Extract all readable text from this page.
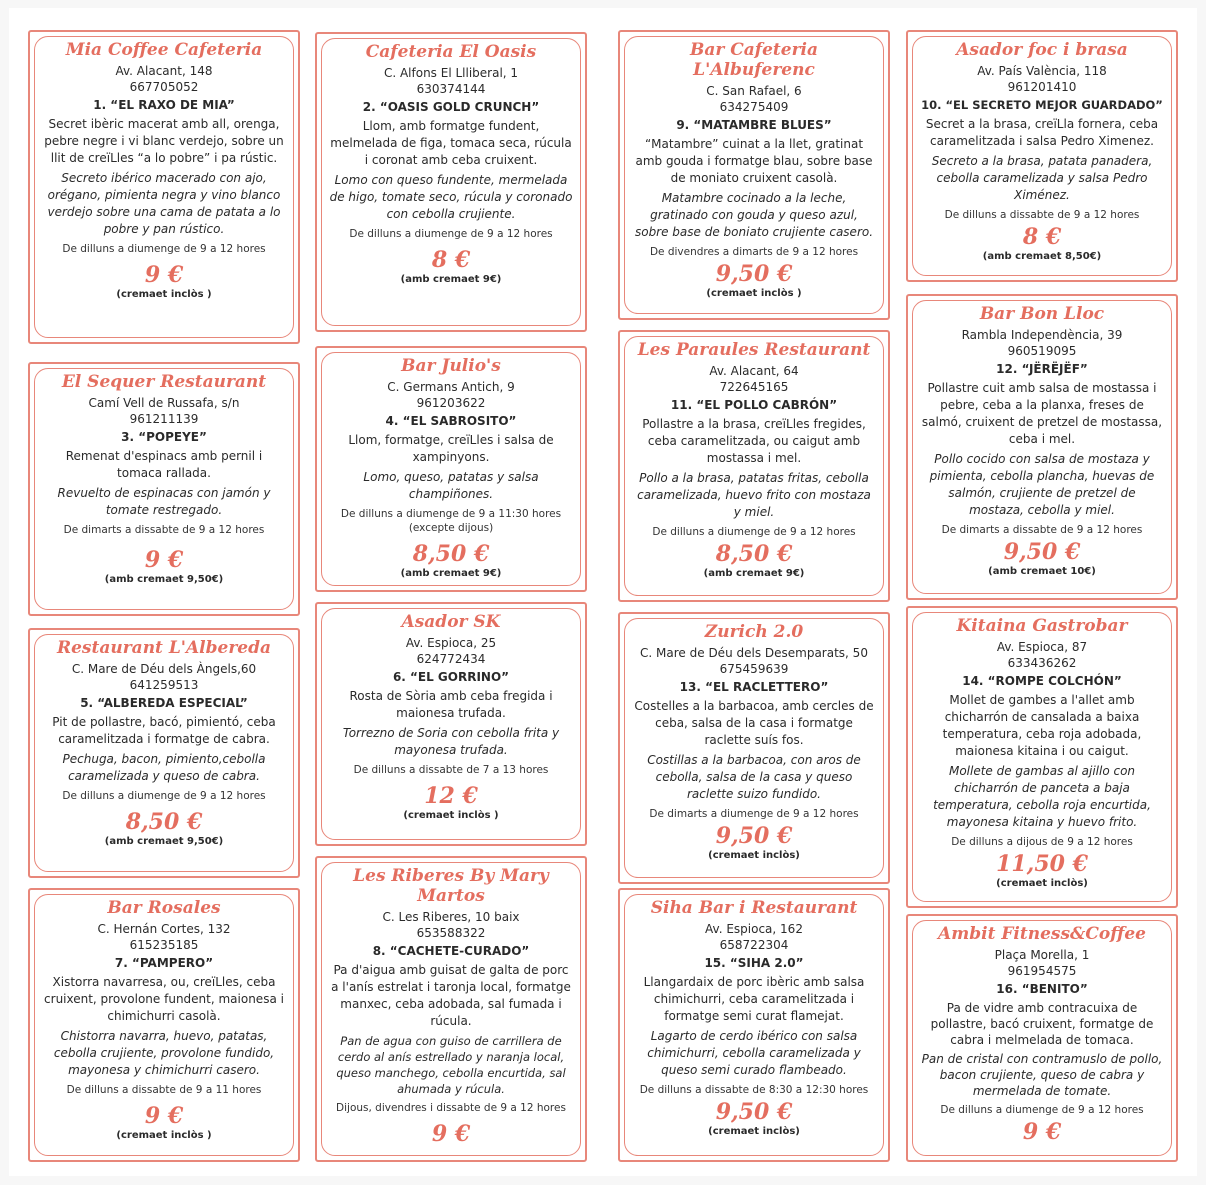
Mia Coffee Cafeteria
Av. Alacant, 148
667705052
1. “EL RAXO DE MIA”
Secret ibèric macerat amb all, orenga, pebre negre i vi blanc verdejo, sobre un llit de creïLles “a lo pobre” i pa rústic.
Secreto ibérico macerado con ajo, orégano, pimienta negra y vino blanco verdejo sobre una cama de patata a lo pobre y pan rústico.
De dilluns a diumenge de 9 a 12 hores
9 €
(cremaet inclòs )
El Sequer Restaurant
Camí Vell de Russafa, s/n
961211139
3. “POPEYE”
Remenat d'espinacs amb pernil i tomaca rallada.
Revuelto de espinacas con jamón y tomate restregado.
De dimarts a dissabte de 9 a 12 hores
9 €
(amb cremaet 9,50€)
Restaurant L'Albereda
C. Mare de Déu dels Àngels,60
641259513
5. “ALBEREDA ESPECIAL”
Pit de pollastre, bacó, pimientó, ceba caramelitzada i formatge de cabra.
Pechuga, bacon, pimiento,cebolla caramelizada y queso de cabra.
De dilluns a diumenge de 9 a 12 hores
8,50 €
(amb cremaet 9,50€)
Bar Rosales
C. Hernán Cortes, 132
615235185
7. “PAMPERO”
Xistorra navarresa, ou, creïLles, ceba cruixent, provolone fundent, maionesa i chimichurri casolà.
Chistorra navarra, huevo, patatas, cebolla crujiente, provolone fundido, mayonesa y chimichurri casero.
De dilluns a dissabte de 9 a 11 hores
9 €
(cremaet inclòs )
Cafeteria El Oasis
C. Alfons El Llliberal, 1
630374144
2. “OASIS GOLD CRUNCH”
Llom, amb formatge fundent, melmelada de figa, tomaca seca, rúcula i coronat amb ceba cruixent.
Lomo con queso fundente, mermelada de higo, tomate seco, rúcula y coronado con cebolla crujiente.
De dilluns a diumenge de 9 a 12 hores
8 €
(amb cremaet 9€)
Bar Julio's
C. Germans Antich, 9
961203622
4. “EL SABROSITO”
Llom, formatge, creïLles i salsa de xampinyons.
Lomo, queso, patatas y salsa champiñones.
De dilluns a diumenge de 9 a 11:30 hores (excepte dijous)
8,50 €
(amb cremaet 9€)
Asador SK
Av. Espioca, 25
624772434
6. “EL GORRINO”
Rosta de Sòria amb ceba fregida i maionesa trufada.
Torrezno de Soria con cebolla frita y mayonesa trufada.
De dilluns a dissabte de 7 a 13 hores
12 €
(cremaet inclòs )
Les Riberes By Mary Martos
C. Les Riberes, 10 baix
653588322
8. “CACHETE-CURADO”
Pa d'aigua amb guisat de galta de porc a l'anís estrelat i taronja local, formatge manxec, ceba adobada, sal fumada i rúcula.
Pan de agua con guiso de carrillera de cerdo al anís estrellado y naranja local, queso manchego, cebolla encurtida, sal ahumada y rúcula.
Dijous, divendres i dissabte de 9 a 12 hores
9 €
Bar Cafeteria L'Albuferenc
C. San Rafael, 6
634275409
9. “MATAMBRE BLUES”
“Matambre” cuinat a la llet, gratinat amb gouda i formatge blau, sobre base de moniato cruixent casolà.
Matambre cocinado a la leche, gratinado con gouda y queso azul, sobre base de boniato crujiente casero.
De divendres a dimarts de 9 a 12 hores
9,50 €
(cremaet inclòs )
Les Paraules Restaurant
Av. Alacant, 64
722645165
11. “EL POLLO CABRÓN”
Pollastre a la brasa, creïLles fregides, ceba caramelitzada, ou caigut amb mostassa i mel.
Pollo a la brasa, patatas fritas, cebolla caramelizada, huevo frito con mostaza y miel.
De dilluns a diumenge de 9 a 12 hores
8,50 €
(amb cremaet 9€)
Zurich 2.0
C. Mare de Déu dels Desemparats, 50
675459639
13. “EL RACLETTERO”
Costelles a la barbacoa, amb cercles de ceba, salsa de la casa i formatge raclette suís fos.
Costillas a la barbacoa, con aros de cebolla, salsa de la casa y queso raclette suizo fundido.
De dimarts a diumenge de 9 a 12 hores
9,50 €
(cremaet inclòs)
Siha Bar i Restaurant
Av. Espioca, 162
658722304
15. “SIHA 2.0”
Llangardaix de porc ibèric amb salsa chimichurri, ceba caramelitzada i formatge semi curat flamejat.
Lagarto de cerdo ibérico con salsa chimichurri, cebolla caramelizada y queso semi curado flambeado.
De dilluns a dissabte de 8:30 a 12:30 hores
9,50 €
(cremaet inclòs)
Asador foc i brasa
Av. País València, 118
961201410
10. “EL SECRETO MEJOR GUARDADO”
Secret a la brasa, creïLla fornera, ceba caramelitzada i salsa Pedro Ximenez.
Secreto a la brasa, patata panadera, cebolla caramelizada y salsa Pedro Ximénez.
De dilluns a dissabte de 9 a 12 hores
8 €
(amb cremaet 8,50€)
Bar Bon Lloc
Rambla Independència, 39
960519095
12. “JËRËJËF”
Pollastre cuit amb salsa de mostassa i pebre, ceba a la planxa, freses de salmó, cruixent de pretzel de mostassa, ceba i mel.
Pollo cocido con salsa de mostaza y pimienta, cebolla plancha, huevas de salmón, crujiente de pretzel de mostaza, cebolla y miel.
De dimarts a dissabte de 9 a 12 hores
9,50 €
(amb cremaet 10€)
Kitaina Gastrobar
Av. Espioca, 87
633436262
14. “ROMPE COLCHÓN”
Mollet de gambes a l'allet amb chicharrón de cansalada a baixa temperatura, ceba roja adobada, maionesa kitaina i ou caigut.
Mollete de gambas al ajillo con chicharrón de panceta a baja temperatura, cebolla roja encurtida, mayonesa kitaina y huevo frito.
De dilluns a dijous de 9 a 12 hores
11,50 €
(cremaet inclòs)
Ambit Fitness&Coffee
Plaça Morella, 1
961954575
16. “BENITO”
Pa de vidre amb contracuixa de pollastre, bacó cruixent, formatge de cabra i melmelada de tomaca.
Pan de cristal con contramuslo de pollo, bacon crujiente, queso de cabra y mermelada de tomate.
De dilluns a diumenge de 9 a 12 hores
9 €
